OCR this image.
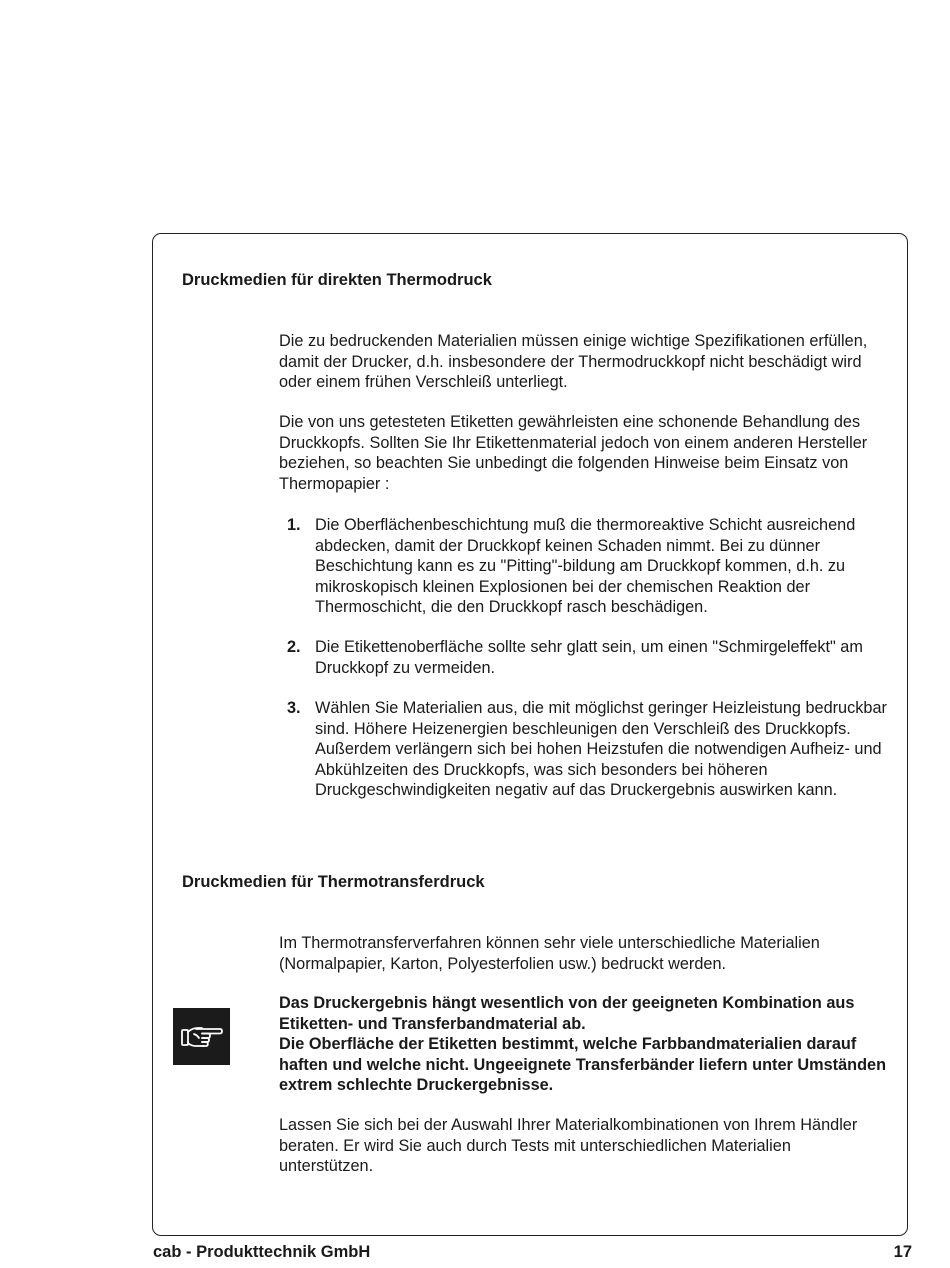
Druckmedien für direkten Thermodruck

Die zu bedruckenden Materialien müssen einige wichtige Spezifikationen erfüllen, damit der Drucker, d.h. insbesondere der Thermodruckkopf nicht beschädigt wird oder einem frühen Verschleiß unterliegt.

Die von uns getesteten Etiketten gewährleisten eine schonende Behandlung des Druckkopfs. Sollten Sie Ihr Etikettenmaterial jedoch von einem anderen Hersteller beziehen, so beachten Sie unbedingt die folgenden Hinweise beim Einsatz von Thermopapier :

1. Die Oberflächenbeschichtung muß die thermoreaktive Schicht ausreichend abdecken, damit der Druckkopf keinen Schaden nimmt. Bei zu dünner Beschichtung kann es zu "Pitting"-bildung am Druckkopf kommen, d.h. zu mikroskopisch kleinen Explosionen bei der chemischen Reaktion der Thermoschicht, die den Druckkopf rasch beschädigen.
2. Die Etikettenoberfläche sollte sehr glatt sein, um einen "Schmirgeleffekt" am Druckkopf zu vermeiden.
3. Wählen Sie Materialien aus, die mit möglichst geringer Heizleistung bedruckbar sind. Höhere Heizenergien beschleunigen den Verschleiß des Druckkopfs.
Außerdem verlängern sich bei hohen Heizstufen die notwendigen Aufheiz- und Abkühlzeiten des Druckkopfs, was sich besonders bei höheren Druckgeschwindigkeiten negativ auf das Druckergebnis auswirken kann.
Druckmedien für Thermotransferdruck

Im Thermotransferverfahren können sehr viele unterschiedliche Materialien (Normalpapier, Karton, Polyesterfolien usw.) bedruckt werden.

Das Druckergebnis hängt wesentlich von der geeigneten Kombination aus Etiketten- und Transferbandmaterial ab.

Die Oberfläche der Etiketten bestimmt, welche Farbbandmaterialien darauf haften und welche nicht. Ungeeignete Transferbänder liefern unter Umständen extrem schlechte Druckergebnisse.

Lassen Sie sich bei der Auswahl Ihrer Materialkombinationen von Ihrem Händler beraten. Er wird Sie auch durch Tests mit unterschiedlichen Materialien unterstützen.

cab - Produkttechnik GmbH	17
